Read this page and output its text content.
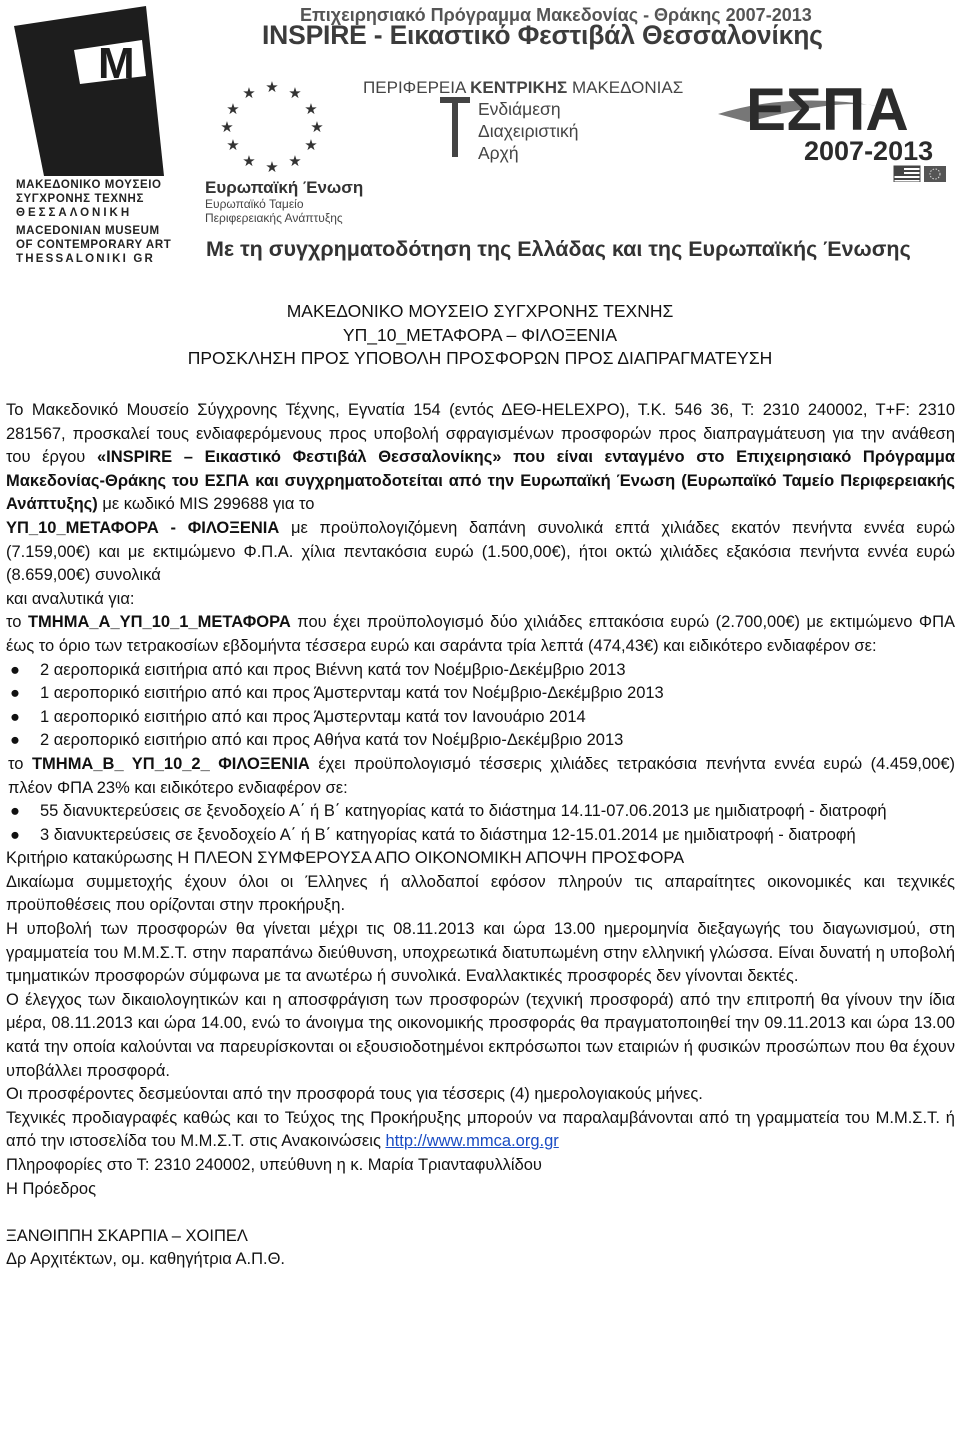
M
ΜΑΚΕΔΟΝΙΚΟ ΜΟΥΣΕΙΟ
ΣΥΓΧΡΟΝΗΣ ΤΕΧΝΗΣ
ΘΕΣΣΑΛΟΝΙΚΗ
MACEDONIAN MUSEUM
OF CONTEMPORARY ART
THESSALONIKI GR
Επιχειρησιακό Πρόγραμμα Μακεδονίας - Θράκης 2007-2013
INSPIRE - Εικαστικό Φεστιβάλ Θεσσαλονίκης
★ ★
★
★
★
★
★
★
★
★
★
★
Ευρωπαϊκή Ένωση
Ευρωπαϊκό Ταμείο
Περιφερειακής Ανάπτυξης
ΠΕΡΙΦΕΡΕΙΑ ΚΕΝΤΡΙΚΗΣ ΜΑΚΕΔΟΝΙΑΣ
Ενδιάμεση
Διαχειριστική
Αρχή
ΕΣΠΑ
2007-2013
Με τη συγχρηματοδότηση της Ελλάδας και της Ευρωπαϊκής Ένωσης
ΜΑΚΕΔΟΝΙΚΟ ΜΟΥΣΕΙΟ ΣΥΓΧΡΟΝΗΣ ΤΕΧΝΗΣ
ΥΠ_10_ΜΕΤΑΦΟΡΑ – ΦΙΛΟΞΕΝΙΑ
ΠΡΟΣΚΛΗΣΗ ΠΡΟΣ ΥΠΟΒΟΛΗ ΠΡΟΣΦΟΡΩΝ ΠΡΟΣ ΔΙΑΠΡΑΓΜΑΤΕΥΣΗ

Το Μακεδονικό Μουσείο Σύγχρονης Τέχνης, Εγνατία 154 (εντός ΔΕΘ-HELEXPO), Τ.Κ. 546 36, Τ: 2310 240002, Τ+F: 2310 281567, προσκαλεί τους ενδιαφερόμενους προς υποβολή σφραγισμένων προσφορών προς διαπραγμάτευση για την ανάθεση του έργου «INSPIRE – Εικαστικό Φεστιβάλ Θεσσαλονίκης» που είναι ενταγμένο στο Επιχειρησιακό Πρόγραμμα Μακεδονίας-Θράκης του ΕΣΠΑ και συγχρηματοδοτείται από την Ευρωπαϊκή Ένωση (Ευρωπαϊκό Ταμείο Περιφερειακής Ανάπτυξης) με κωδικό MIS 299688 για το

ΥΠ_10_ΜΕΤΑΦΟΡΑ - ΦΙΛΟΞΕΝΙΑ με προϋπολογιζόμενη δαπάνη συνολικά επτά χιλιάδες εκατόν πενήντα εννέα ευρώ (7.159,00€) και με εκτιμώμενο Φ.Π.Α. χίλια πεντακόσια ευρώ (1.500,00€), ήτοι οκτώ χιλιάδες εξακόσια πενήντα εννέα ευρώ (8.659,00€) συνολικά

και αναλυτικά για:

το ΤΜΗΜΑ_Α_ΥΠ_10_1_ΜΕΤΑΦΟΡΑ που έχει προϋπολογισμό δύο χιλιάδες επτακόσια ευρώ (2.700,00€) με εκτιμώμενο ΦΠΑ έως το όριο των τετρακοσίων εβδομήντα τέσσερα ευρώ και σαράντα τρία λεπτά (474,43€) και ειδικότερο ενδιαφέρον σε:

● 2 αεροπορικά εισιτήρια από και προς Βιέννη κατά τον Νοέμβριο-Δεκέμβριο 2013
● 1 αεροπορικό εισιτήριο από και προς Άμστερνταμ κατά τον Νοέμβριο-Δεκέμβριο 2013
● 1 αεροπορικό εισιτήριο από και προς Άμστερνταμ κατά τον Ιανουάριο 2014
● 2 αεροπορικό εισιτήριο από και προς Αθήνα κατά τον Νοέμβριο-Δεκέμβριο 2013

το ΤΜΗΜΑ_Β_ ΥΠ_10_2_ ΦΙΛΟΞΕΝΙΑ έχει προϋπολογισμό τέσσερις χιλιάδες τετρακόσια πενήντα εννέα ευρώ (4.459,00€) πλέον ΦΠΑ 23% και ειδικότερο ενδιαφέρον σε:

● 55 διανυκτερεύσεις σε ξενοδοχείο Α΄ ή Β΄ κατηγορίας κατά το διάστημα 14.11-07.06.2013 με ημιδιατροφή - διατροφή
● 3 διανυκτερεύσεις σε ξενοδοχείο Α΄ ή Β΄ κατηγορίας κατά το διάστημα 12-15.01.2014 με ημιδιατροφή - διατροφή

Κριτήριο κατακύρωσης Η ΠΛΕΟΝ ΣΥΜΦΕΡΟΥΣΑ ΑΠΟ ΟΙΚΟΝΟΜΙΚΗ ΑΠΟΨΗ ΠΡΟΣΦΟΡΑ

Δικαίωμα συμμετοχής έχουν όλοι οι Έλληνες ή αλλοδαποί εφόσον πληρούν τις απαραίτητες οικονομικές και τεχνικές προϋποθέσεις που ορίζονται στην προκήρυξη.

Η υποβολή των προσφορών θα γίνεται μέχρι τις 08.11.2013 και ώρα 13.00 ημερομηνία διεξαγωγής του διαγωνισμού, στη γραμματεία του Μ.Μ.Σ.Τ. στην παραπάνω διεύθυνση, υποχρεωτικά διατυπωμένη στην ελληνική γλώσσα. Είναι δυνατή η υποβολή τμηματικών προσφορών σύμφωνα με τα ανωτέρω ή συνολικά. Εναλλακτικές προσφορές δεν γίνονται δεκτές.

Ο έλεγχος των δικαιολογητικών και η αποσφράγιση των προσφορών (τεχνική προσφορά) από την επιτροπή θα γίνουν την ίδια μέρα, 08.11.2013 και ώρα 14.00, ενώ το άνοιγμα της οικονομικής προσφοράς θα πραγματοποιηθεί την 09.11.2013 και ώρα 13.00 κατά την οποία καλούνται να παρευρίσκονται οι εξουσιοδοτημένοι εκπρόσωποι των εταιριών ή φυσικών προσώπων που θα έχουν υποβάλλει προσφορά.

Οι προσφέροντες δεσμεύονται από την προσφορά τους για τέσσερις (4) ημερολογιακούς μήνες.

Τεχνικές προδιαγραφές καθώς και το Τεύχος της Προκήρυξης μπορούν να παραλαμβάνονται από τη γραμματεία του Μ.Μ.Σ.Τ. ή από την ιστοσελίδα του Μ.Μ.Σ.Τ. στις Ανακοινώσεις http://www.mmca.org.gr

Πληροφορίες στο Τ: 2310 240002, υπεύθυνη η κ. Μαρία Τριανταφυλλίδου

Η Πρόεδρος

ΞΑΝΘΙΠΠΗ ΣΚΑΡΠΙΑ – ΧΟΙΠΕΛ

Δρ Αρχιτέκτων, ομ. καθηγήτρια Α.Π.Θ.
